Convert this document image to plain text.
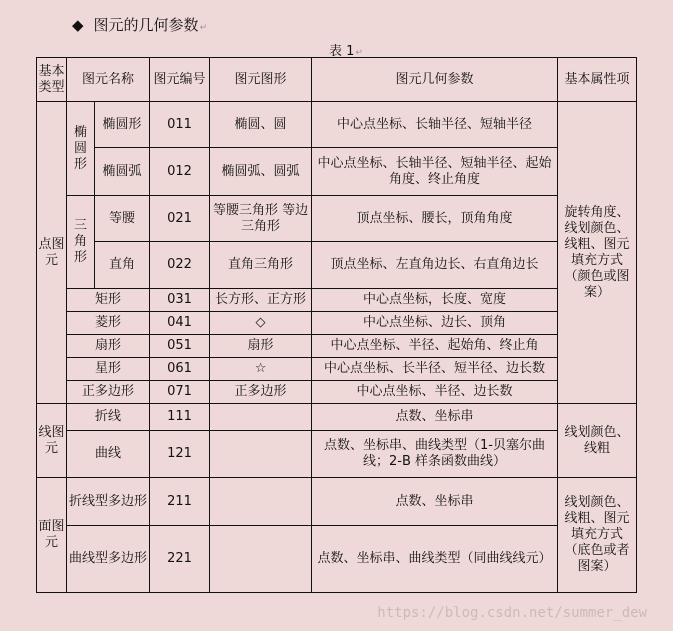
◆ 图元的几何参数↵
表 1↵
基本类型	图元名称		图元编号	图元图形	图元几何参数	基本属性项
点图元	椭圆形	椭圆形	011	椭圆、圆	中心点坐标、长轴半径、短轴半径	旋转角度、线划颜色、线粗、图元填充方式（颜色或图案）
		椭圆弧	012	椭圆弧、圆弧	中心点坐标、长轴半径、短轴半径、起始角度、终止角度	
	三角形	等腰	021	等腰三角形 等边三角形	顶点坐标、腰长，顶角角度	
		直角	022	直角三角形	顶点坐标、左直角边长、右直角边长	
	矩形		031	长方形、正方形	中心点坐标，长度、宽度	
	菱形		041	◇	中心点坐标、边长、顶角	
	扇形		051	扇形	中心点坐标、半径、起始角、终止角	
	星形		061	☆	中心点坐标、长半径、短半径、边长数	
	正多边形		071	正多边形	中心点坐标、半径、边长数	
线图元	折线		111		点数、坐标串	线划颜色、线粗
	曲线		121		点数、坐标串、曲线类型（1-贝塞尔曲线；2-B 样条函数曲线）	
面图元	折线型多边形		211		点数、坐标串	线划颜色、线粗、图元填充方式（底色或者图案）
	曲线型多边形		221		点数、坐标串、曲线类型（同曲线线元）	
https://blog.csdn.net/summer_dew
